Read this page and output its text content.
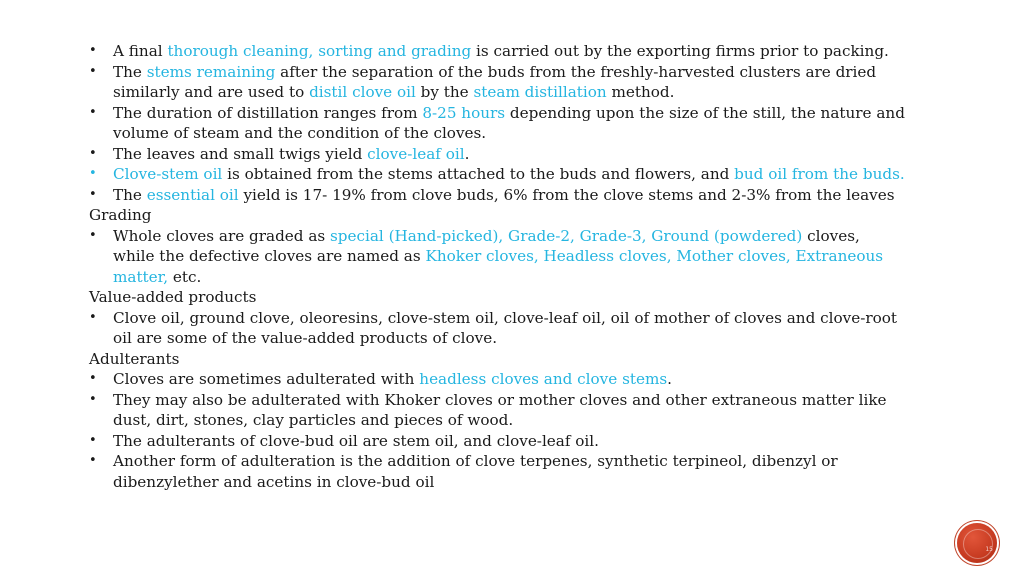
•	A final thorough cleaning, sorting and grading is carried out by the exporting firms prior to packing.
•	The stems remaining after the separation of the buds from the freshly-harvested clusters are dried
similarly and are used to distil clove oil by the steam distillation method.
•	The duration of distillation ranges from 8-25 hours depending upon the size of the still, the nature and
volume of steam and the condition of the cloves.
•	The leaves and small twigs yield clove-leaf oil.
•	Clove-stem oil is obtained from the stems attached to the buds and flowers, and bud oil from the buds.
•	The essential oil yield is 17- 19% from clove buds, 6% from the clove stems and 2-3% from the leaves
Grading
•	Whole cloves are graded as special (Hand-picked), Grade-2, Grade-3, Ground (powdered) cloves,
while the defective cloves are named as Khoker cloves, Headless cloves, Mother cloves, Extraneous
matter, etc.
Value-added products
•	Clove oil, ground clove, oleoresins, clove-stem oil, clove-leaf oil, oil of mother of cloves and clove-root
oil are some of the value-added products of clove.
Adulterants
•	Cloves are sometimes adulterated with headless cloves and clove stems.
•	They may also be adulterated with Khoker cloves or mother cloves and other extraneous matter like
dust, dirt, stones, clay particles and pieces of wood.
•	The adulterants of clove-bud oil are stem oil, and clove-leaf oil.
•	Another form of adulteration is the addition of clove terpenes, synthetic terpineol, dibenzyl or
dibenzylether and acetins in clove-bud oil
15
